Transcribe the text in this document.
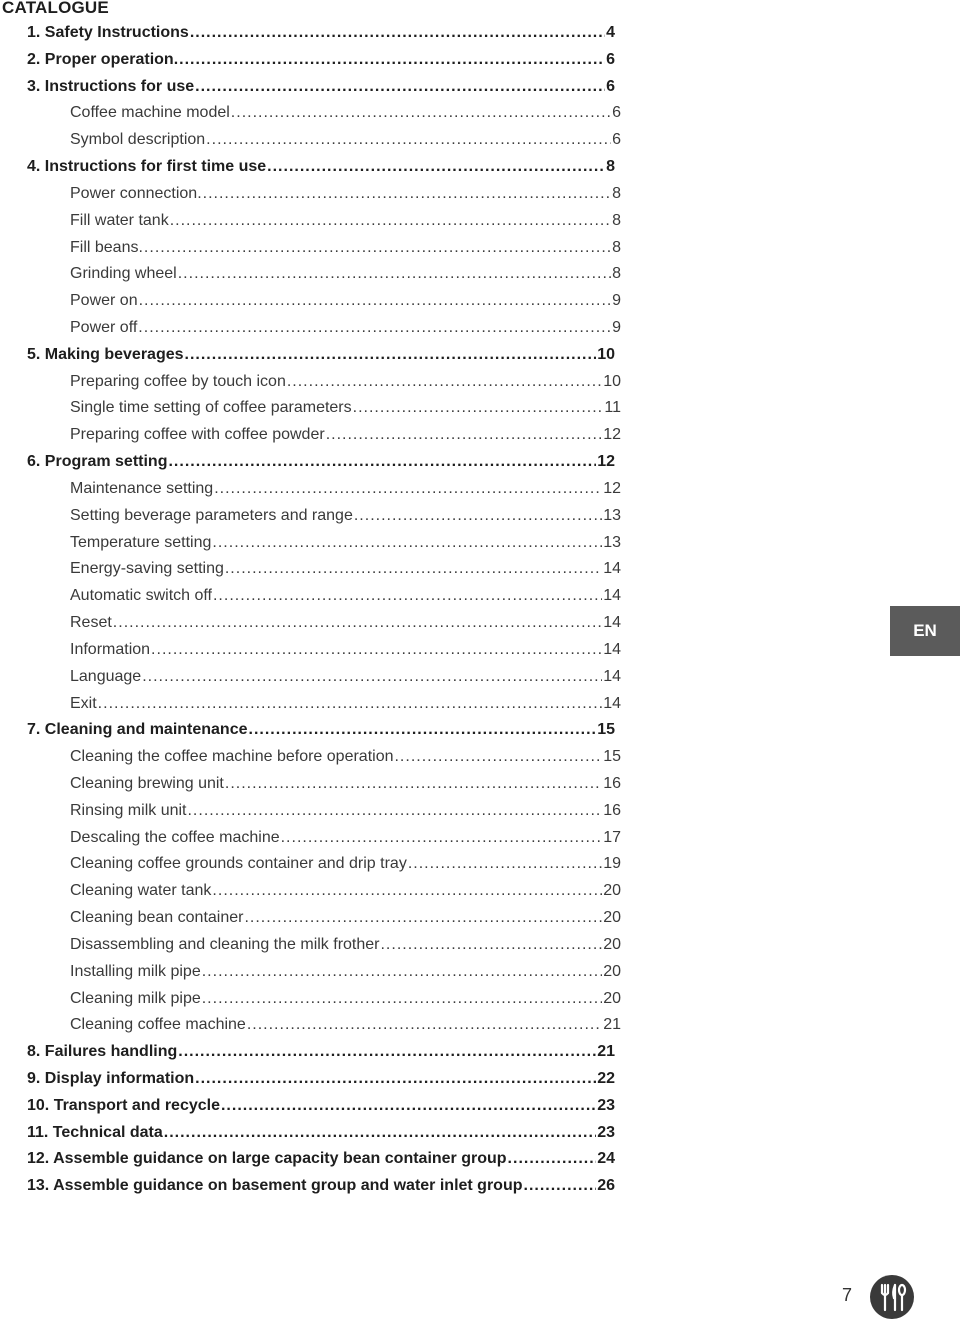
CATALOGUE
1. Safety Instructions .....	4
2. Proper operation. .....	6
3. Instructions for use .....	6
Coffee machine model .....	6
Symbol description .....	6
4. Instructions for first time use .....	8
Power connection. .....	8
Fill water tank .....	8
Fill beans. .....	8
Grinding wheel .....	8
Power on .....	9
Power off .....	9
5. Making beverages .....	10
Preparing coffee by touch icon .....	10
Single time setting of coffee parameters .....	11
Preparing coffee with coffee powder .....	12
6. Program setting .....	12
Maintenance setting .....	12
Setting beverage parameters and range .....	13
Temperature setting .....	13
Energy-saving setting .....	14
Automatic switch off .....	14
Reset .....	14
Information .....	14
Language .....	14
Exit .....	14
7. Cleaning and maintenance .....	15
Cleaning the coffee machine before operation .....	15
Cleaning brewing unit .....	16
Rinsing milk unit .....	16
Descaling the coffee machine .....	17
Cleaning coffee grounds container and drip tray .....	19
Cleaning water tank .....	20
Cleaning bean container .....	20
Disassembling and cleaning the milk frother .....	20
Installing milk pipe .....	20
Cleaning milk pipe .....	20
Cleaning coffee machine .....	21
8. Failures handling .....	21
9. Display information .....	22
10. Transport and recycle .....	23
11. Technical data .....	23
12. Assemble guidance on large capacity bean container group .....	24
13. Assemble guidance on basement group and water inlet group .....	26
EN
7
